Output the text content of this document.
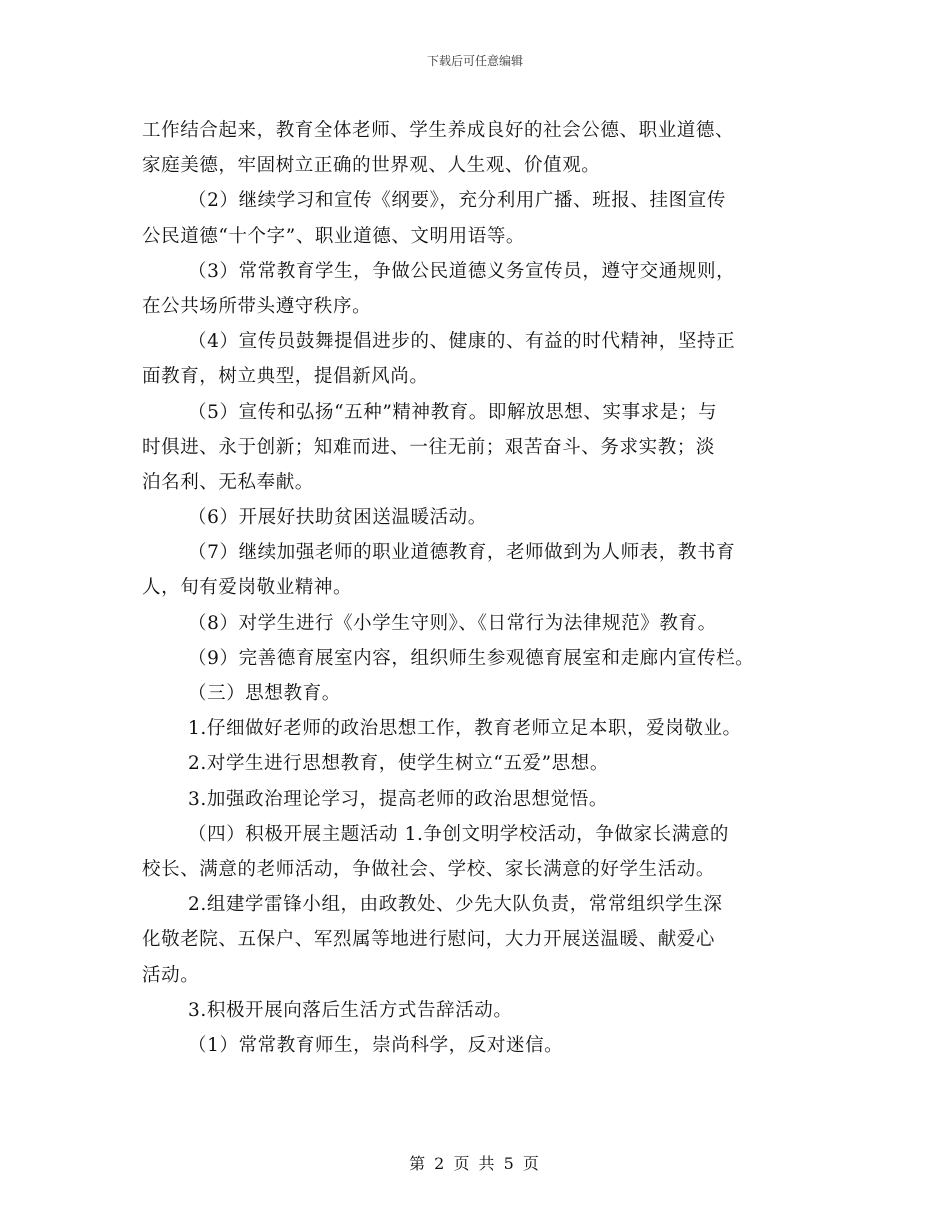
下载后可任意编辑
工作结合起来，教育全体老师、学生养成良好的社会公德、职业道德、
家庭美德，牢固树立正确的世界观、人生观、价值观。
（2）继续学习和宣传《纲要》，充分利用广播、班报、挂图宣传
公民道德“十个字”、职业道德、文明用语等。
（3）常常教育学生，争做公民道德义务宣传员，遵守交通规则，
在公共场所带头遵守秩序。
（4）宣传员鼓舞提倡进步的、健康的、有益的时代精神，坚持正
面教育，树立典型，提倡新风尚。
（5）宣传和弘扬“五种”精神教育。即解放思想、实事求是；与
时俱进、永于创新；知难而进、一往无前；艰苦奋斗、务求实教；淡
泊名利、无私奉献。
（6）开展好扶助贫困送温暖活动。
（7）继续加强老师的职业道德教育，老师做到为人师表，教书育
人，旬有爱岗敬业精神。
（8）对学生进行《小学生守则》、《日常行为法律规范》教育。
（9）完善德育展室内容，组织师生参观德育展室和走廊内宣传栏。
（三）思想教育。
1.仔细做好老师的政治思想工作，教育老师立足本职，爱岗敬业。
2.对学生进行思想教育，使学生树立“五爱”思想。
3.加强政治理论学习，提高老师的政治思想觉悟。
（四）积极开展主题活动 1.争创文明学校活动，争做家长满意的
校长、满意的老师活动，争做社会、学校、家长满意的好学生活动。
2.组建学雷锋小组，由政教处、少先大队负责，常常组织学生深
化敬老院、五保户、军烈属等地进行慰问，大力开展送温暖、献爱心
活动。
3.积极开展向落后生活方式告辞活动。
（1）常常教育师生，崇尚科学，反对迷信。
第 2 页 共 5 页
